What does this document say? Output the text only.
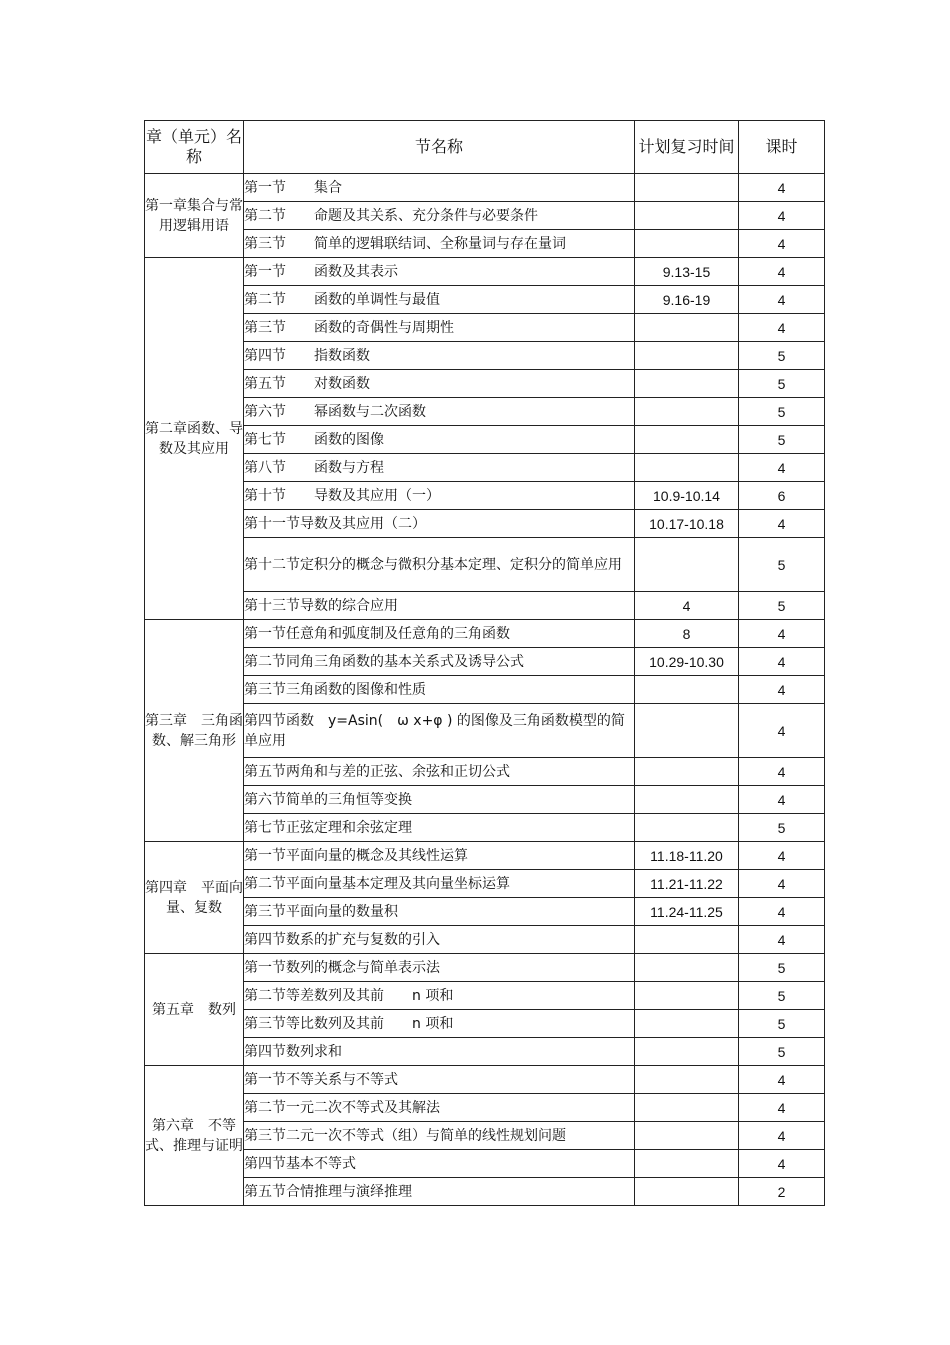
章（单元）名称	节名称	计划复习时间	课时
第一章集合与常用逻辑用语	第一节　　集合		4
	第二节　　命题及其关系、充分条件与必要条件		4
	第三节　　简单的逻辑联结词、全称量词与存在量词		4
第二章函数、导数及其应用	第一节　　函数及其表示	9.13-15	4
	第二节　　函数的单调性与最值	9.16-19	4
	第三节　　函数的奇偶性与周期性		4
	第四节　　指数函数		5
	第五节　　对数函数		5
	第六节　　幂函数与二次函数		5
	第七节　　函数的图像		5
	第八节　　函数与方程		4
	第十节　　导数及其应用（一）	10.9-10.14	6
	第十一节导数及其应用（二）	10.17-10.18	4
	第十二节定积分的概念与微积分基本定理、定积分的简单应用		5
	第十三节导数的综合应用	4	5
第三章　三角函数、解三角形	第一节任意角和弧度制及任意角的三角函数	8	4
	第二节同角三角函数的基本关系式及诱导公式	10.29-10.30	4
	第三节三角函数的图像和性质		4
	第四节函数　y=Asin(　ω x+φ ) 的图像及三角函数模型的简单应用		4
	第五节两角和与差的正弦、余弦和正切公式		4
	第六节简单的三角恒等变换		4
	第七节正弦定理和余弦定理		5
第四章　平面向量、复数	第一节平面向量的概念及其线性运算	11.18-11.20	4
	第二节平面向量基本定理及其向量坐标运算	11.21-11.22	4
	第三节平面向量的数量积	11.24-11.25	4
	第四节数系的扩充与复数的引入		4
第五章　数列	第一节数列的概念与简单表示法		5
	第二节等差数列及其前　　n 项和		5
	第三节等比数列及其前　　n 项和		5
	第四节数列求和		5
第六章　不等式、推理与证明	第一节不等关系与不等式		4
	第二节一元二次不等式及其解法		4
	第三节二元一次不等式（组）与简单的线性规划问题		4
	第四节基本不等式		4
	第五节合情推理与演绎推理		2
